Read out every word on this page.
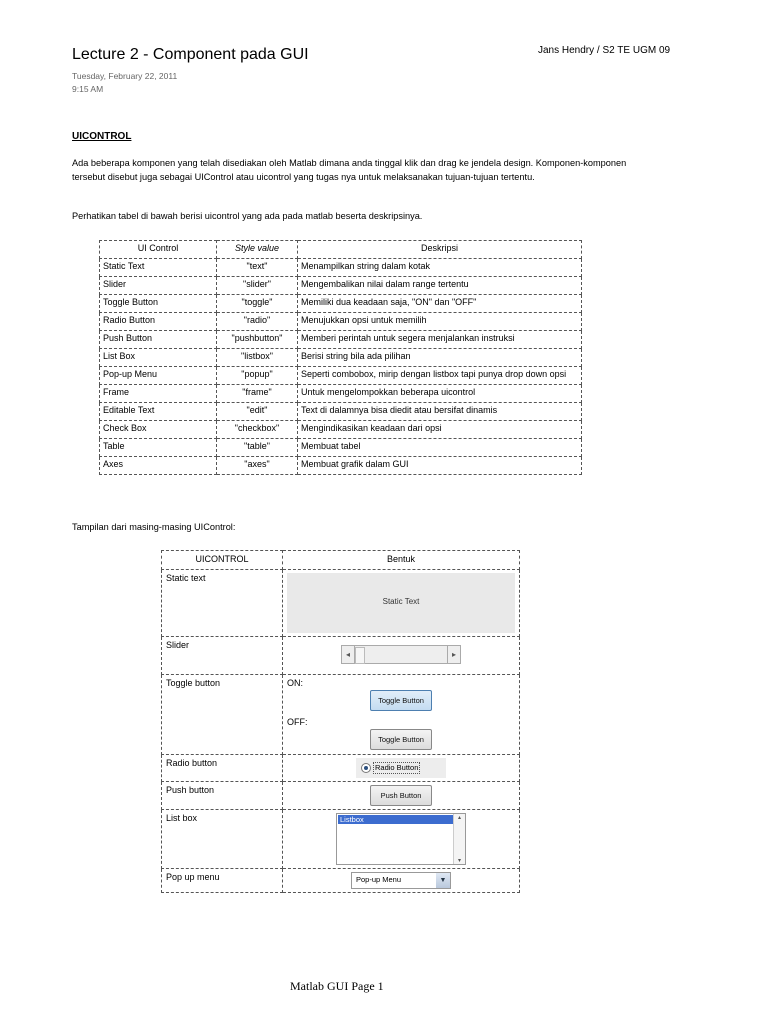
Lecture 2 - Component pada GUI	Jans Hendry / S2 TE UGM 09
Tuesday, February 22, 2011
9:15 AM
UICONTROL
Ada beberapa komponen yang telah disediakan oleh Matlab dimana anda tinggal klik dan drag ke jendela design. Komponen-komponen tersebut disebut juga sebagai UIControl atau uicontrol yang tugas nya untuk melaksanakan tujuan-tujuan tertentu.
Perhatikan tabel di bawah berisi uicontrol yang ada pada matlab beserta deskripsinya.
UI Control	Style value	Deskripsi
Static Text	"text"	Menampilkan string dalam kotak
Slider	"slider"	Mengembalikan nilai dalam range tertentu
Toggle Button	"toggle"	Memiliki dua keadaan saja, "ON" dan "OFF"
Radio Button	"radio"	Menujukkan opsi untuk memilih
Push Button	"pushbutton"	Memberi perintah untuk segera menjalankan instruksi
List Box	"listbox"	Berisi string bila ada pilihan
Pop-up Menu	"popup"	Seperti combobox, mirip dengan listbox tapi punya drop down opsi
Frame	"frame"	Untuk mengelompokkan beberapa uicontrol
Editable Text	"edit"	Text di dalamnya bisa diedit atau bersifat dinamis
Check Box	"checkbox"	Mengindikasikan keadaan dari opsi
Table	"table"	Membuat tabel
Axes	"axes"	Membuat grafik dalam GUI
Tampilan dari masing-masing UIControl:
UICONTROL	Bentuk
Static text	Static Text

Slider	◂ ▸

Toggle button	ON:
Toggle Button
OFF:
Toggle Button

Radio button	Radio Button

Push button	Push Button

List box	Listbox ▴
▾

Pop up menu	Pop-up Menu ▼
Matlab GUI Page 1
